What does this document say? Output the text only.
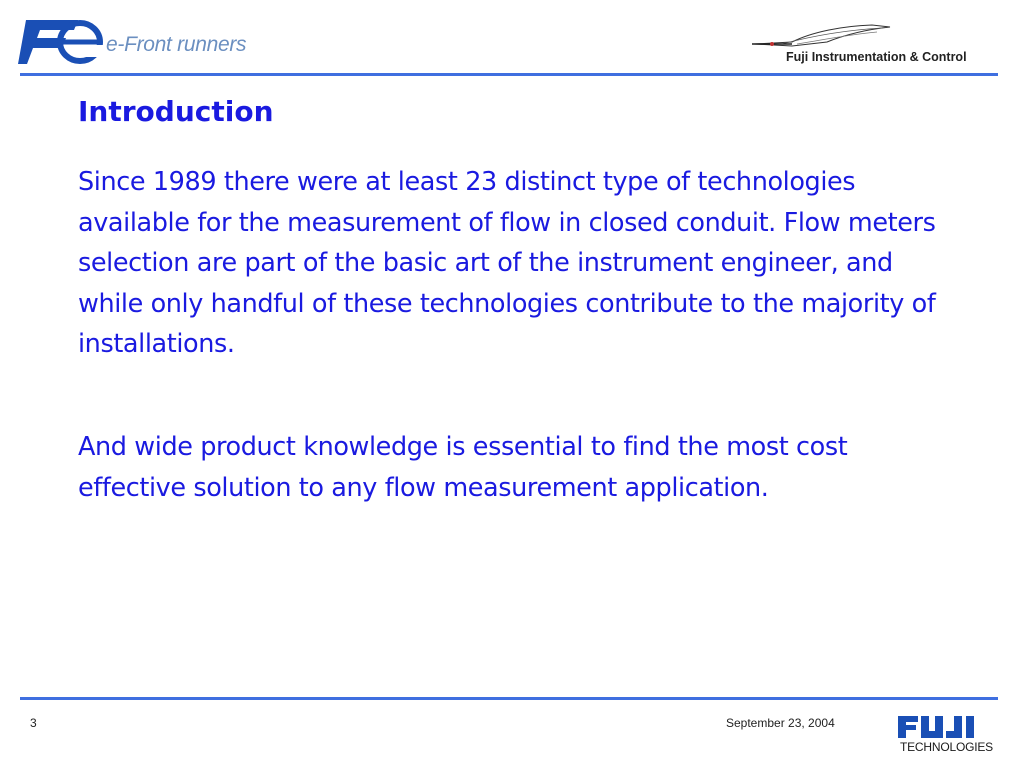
e-Front runners
Fuji Instrumentation & Control
Introduction

Since 1989 there were at least 23 distinct type of technologies available for the measurement of flow in closed conduit. Flow meters selection are part of the basic art of the instrument engineer, and while only handful of these technologies contribute to the majority of installations.

And wide product knowledge is essential to find the most cost effective solution to any flow measurement application.

3	September 23, 2004
TECHNOLOGIES
